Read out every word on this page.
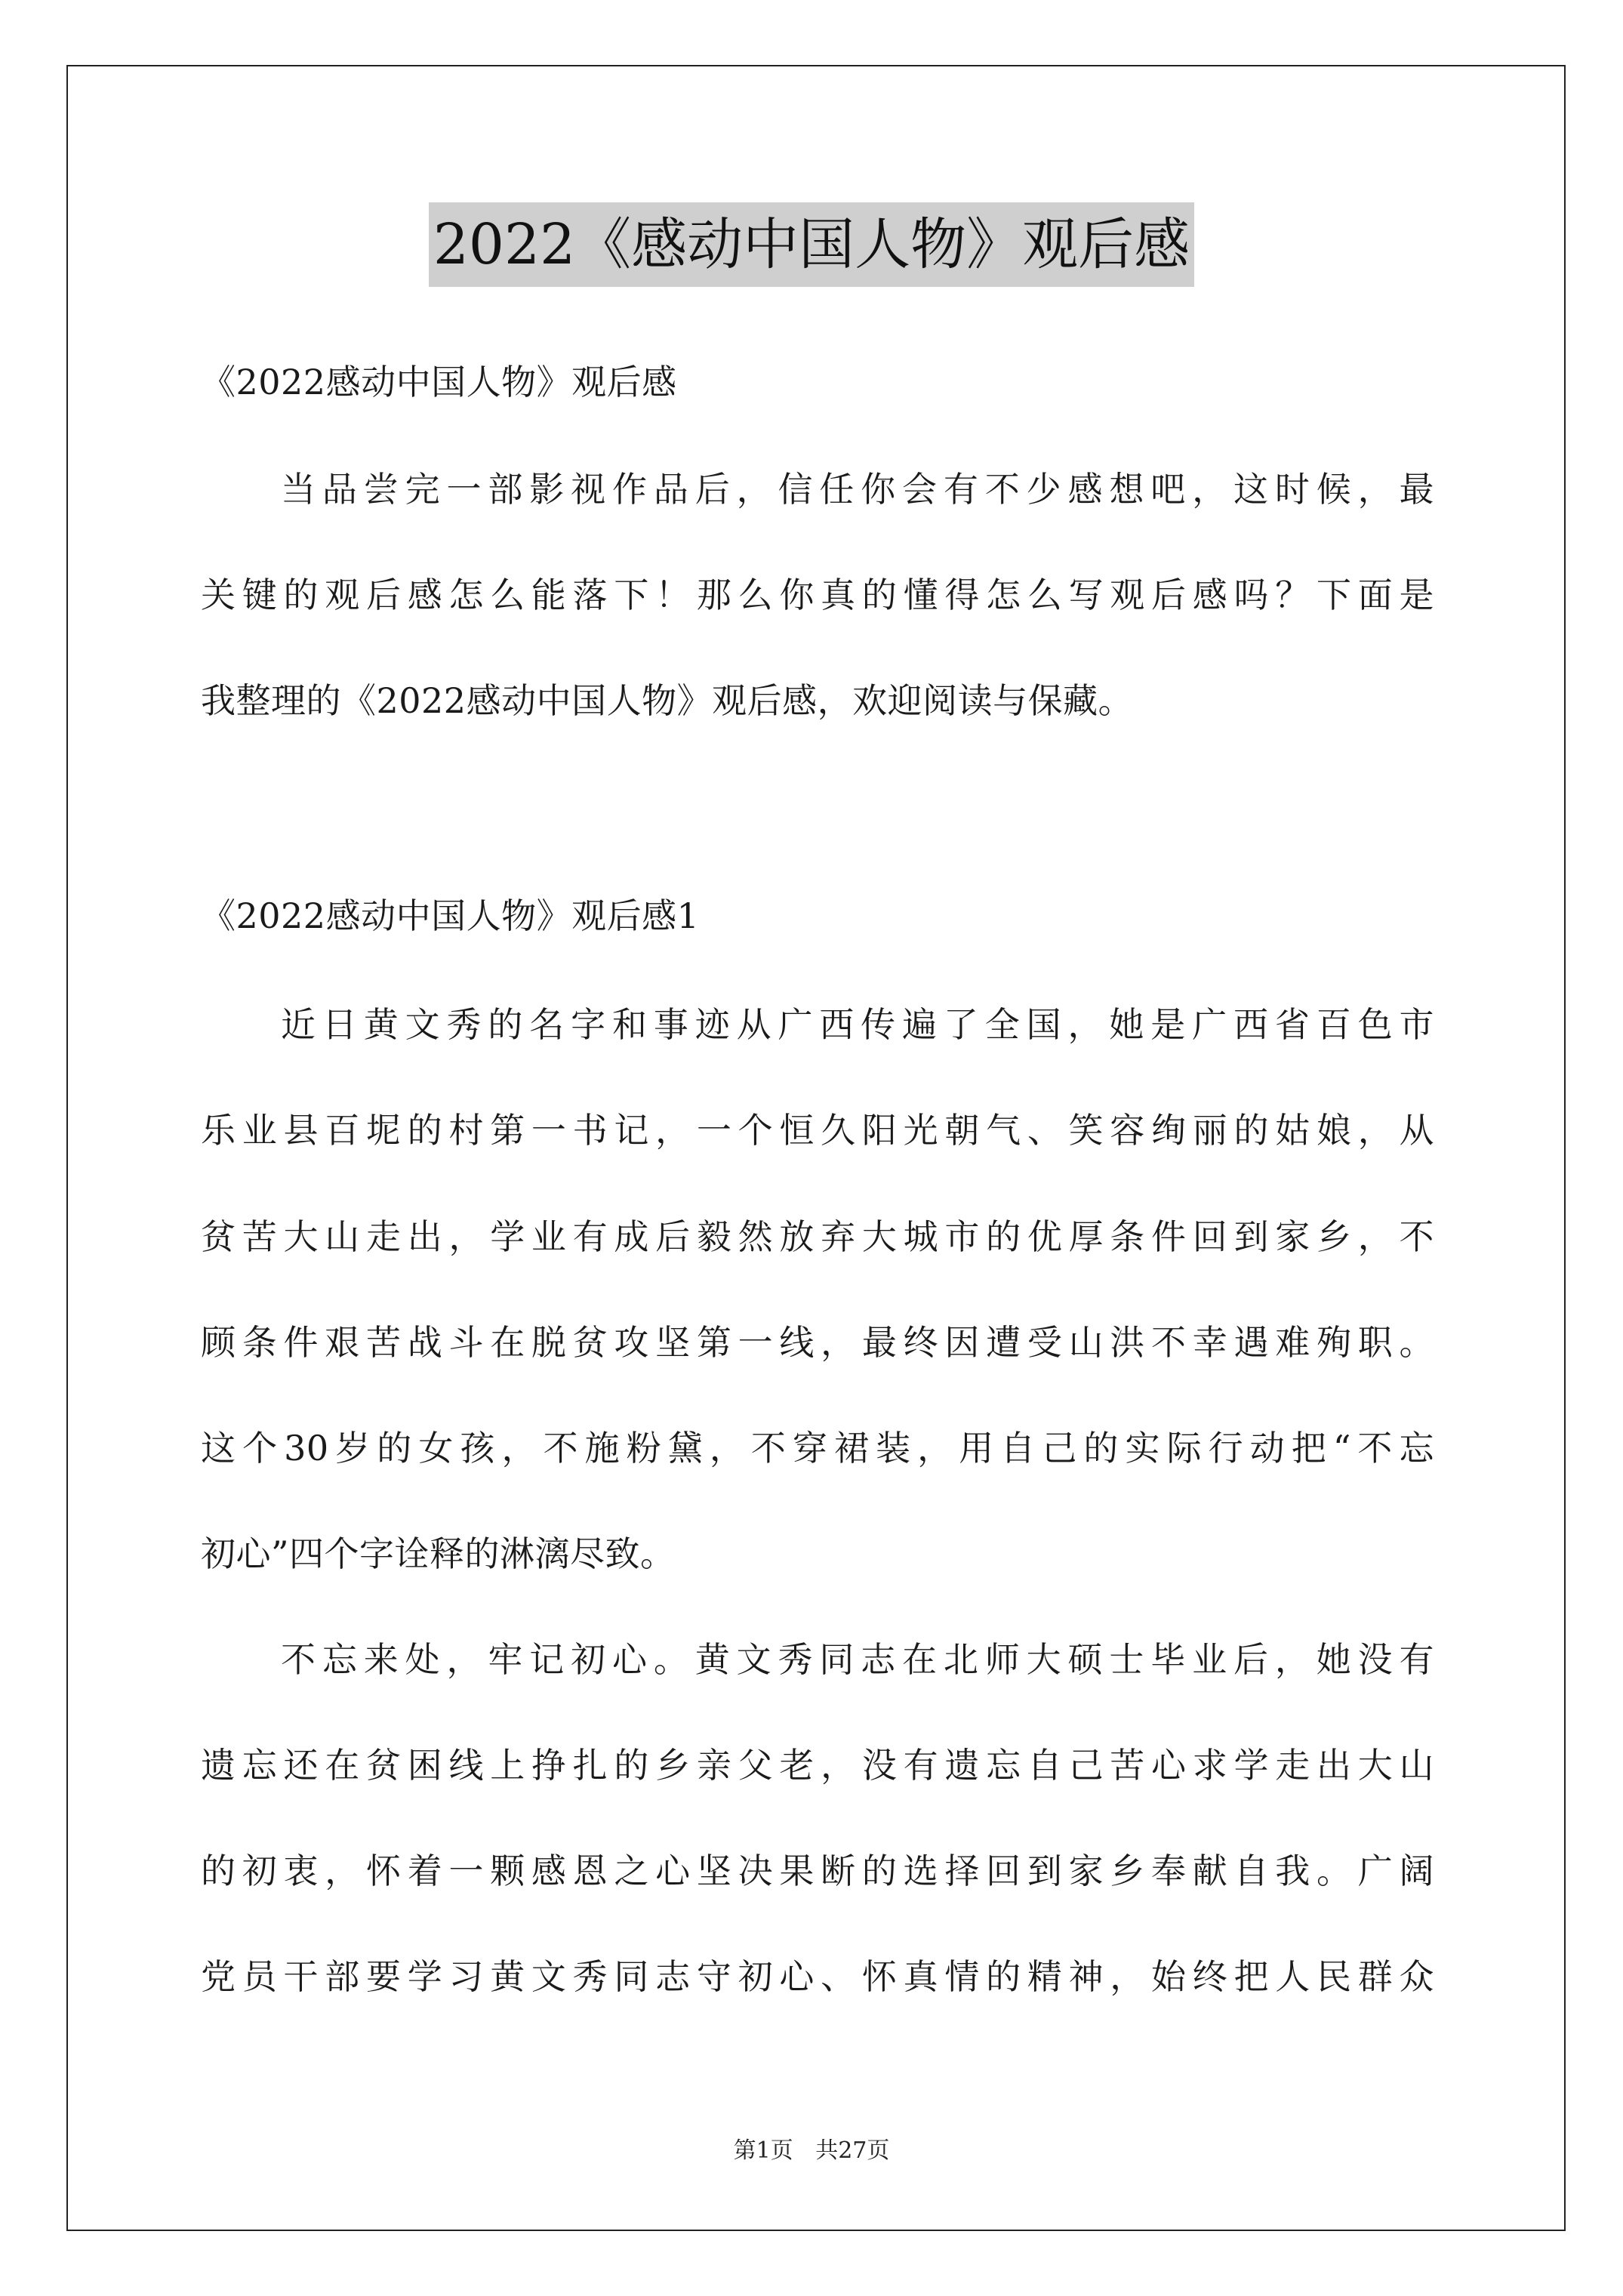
2022《感动中国人物》观后感
《2022感动中国人物》观后感
当品尝完一部影视作品后，信任你会有不少感想吧，这时候，最
关键的观后感怎么能落下！那么你真的懂得怎么写观后感吗？下面是
我整理的《2022感动中国人物》观后感，欢迎阅读与保藏。
《2022感动中国人物》观后感1
近日黄文秀的名字和事迹从广西传遍了全国，她是广西省百色市
乐业县百坭的村第一书记，一个恒久阳光朝气、笑容绚丽的姑娘，从
贫苦大山走出，学业有成后毅然放弃大城市的优厚条件回到家乡，不
顾条件艰苦战斗在脱贫攻坚第一线，最终因遭受山洪不幸遇难殉职。
这个30岁的女孩，不施粉黛，不穿裙装，用自己的实际行动把“不忘
初心”四个字诠释的淋漓尽致。
不忘来处，牢记初心。黄文秀同志在北师大硕士毕业后，她没有
遗忘还在贫困线上挣扎的乡亲父老，没有遗忘自己苦心求学走出大山
的初衷，怀着一颗感恩之心坚决果断的选择回到家乡奉献自我。广阔
党员干部要学习黄文秀同志守初心、怀真情的精神，始终把人民群众
第1页 共27页
